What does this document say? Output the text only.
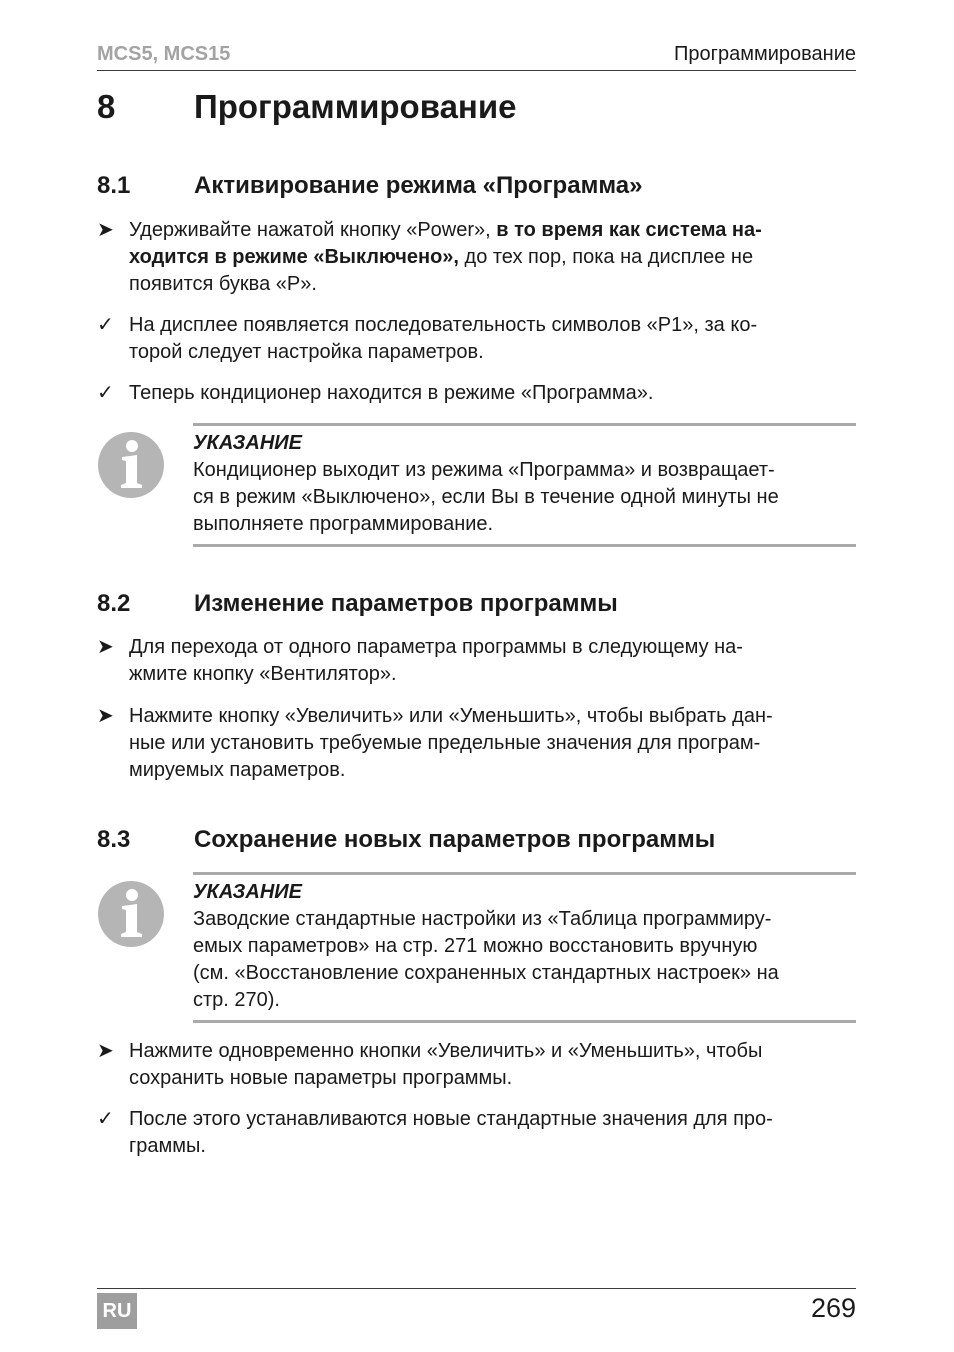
MCS5, MCS15	Программирование
8 Программирование
8.1	Активирование режима «Программа»
➤ Удерживайте нажатой кнопку «Power», в то время как система на-
ходится в режиме «Выключено», до тех пор, пока на дисплее не
появится буква «P».
✓ На дисплее появляется последовательность символов «P1», за ко-
торой следует настройка параметров.
✓ Теперь кондиционер находится в режиме «Программа».
УКАЗАНИЕ
Кондиционер выходит из режима «Программа» и возвращает-
ся в режим «Выключено», если Вы в течение одной минуты не
выполняете программирование.
8.2	Изменение параметров программы
➤ Для перехода от одного параметра программы в следующему на-
жмите кнопку «Вентилятор».
➤ Нажмите кнопку «Увеличить» или «Уменьшить», чтобы выбрать дан-
ные или установить требуемые предельные значения для програм-
мируемых параметров.
8.3	Сохранение новых параметров программы
УКАЗАНИЕ
Заводские стандартные настройки из «Таблица программиру-
емых параметров» на стр. 271 можно восстановить вручную
(см. «Восстановление сохраненных стандартных настроек» на
стр. 270).
➤ Нажмите одновременно кнопки «Увеличить» и «Уменьшить», чтобы
сохранить новые параметры программы.
✓ После этого устанавливаются новые стандартные значения для про-
граммы.
RU	269
